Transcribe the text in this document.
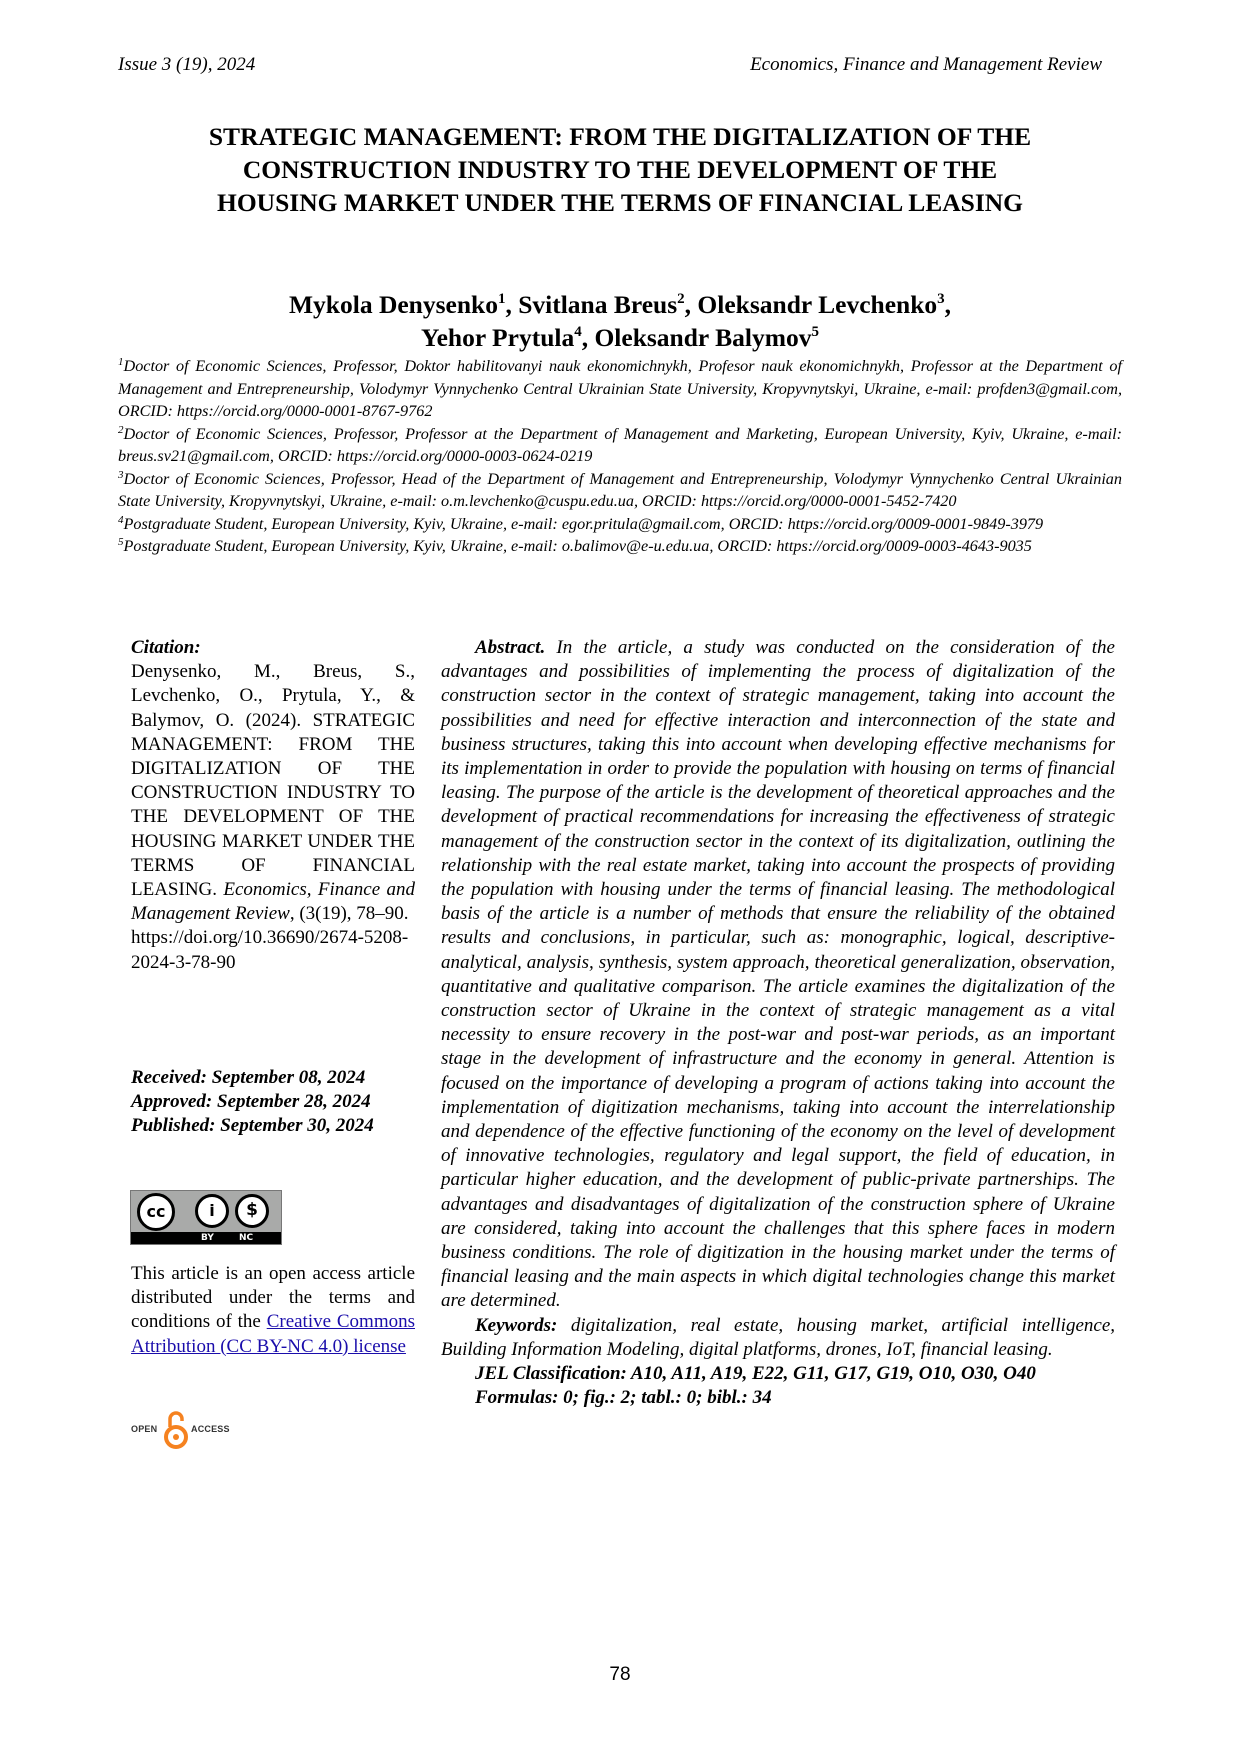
Issue 3 (19), 2024	Economics, Finance and Management Review
STRATEGIC MANAGEMENT: FROM THE DIGITALIZATION OF THE
CONSTRUCTION INDUSTRY TO THE DEVELOPMENT OF THE
HOUSING MARKET UNDER THE TERMS OF FINANCIAL LEASING
Mykola Denysenko$^1$, Svitlana Breus$^2$, Oleksandr Levchenko$^3$,
Yehor Prytula$^4$, Oleksandr Balymov$^5$

$^1$Doctor of Economic Sciences, Professor, Doktor habilitovanyi nauk ekonomichnykh, Profesor nauk ekonomichnykh, Professor at the Department of Management and Entrepreneurship, Volodymyr Vynnychenko Central Ukrainian State University, Kropyvnytskyi, Ukraine, e-mail: profden3@gmail.com, ORCID: https://orcid.org/0000-0001-8767-9762

$^2$Doctor of Economic Sciences, Professor, Professor at the Department of Management and Marketing, European University, Kyiv, Ukraine, e-mail: breus.sv21@gmail.com, ORCID: https://orcid.org/0000-0003-0624-0219

$^3$Doctor of Economic Sciences, Professor, Head of the Department of Management and Entrepreneurship, Volodymyr Vynnychenko Central Ukrainian State University, Kropyvnytskyi, Ukraine, e-mail: o.m.levchenko@cuspu.edu.ua, ORCID: https://orcid.org/0000-0001-5452-7420

$^4$Postgraduate Student, European University, Kyiv, Ukraine, e-mail: egor.pritula@gmail.com, ORCID: https://orcid.org/0009-0001-9849-3979

$^5$Postgraduate Student, European University, Kyiv, Ukraine, e-mail: o.balimov@e-u.edu.ua, ORCID: https://orcid.org/0009-0003-4643-9035

Citation:

Denysenko, M., Breus, S., Levchenko, O., Prytula, Y., & Balymov, O. (2024). STRATEGIC MANAGEMENT: FROM THE DIGITALIZATION OF THE CONSTRUCTION INDUSTRY TO THE DEVELOPMENT OF THE HOUSING MARKET UNDER THE TERMS OF FINANCIAL LEASING. Economics, Finance and Management Review, (3(19), 78–90.

https://doi.org/10.36690/2674-5208-2024-3-78-90

Received: September 08, 2024

Approved: September 28, 2024

Published: September 30, 2024

cc	i	$
BY	NC

This article is an open access article distributed under the terms and conditions of the Creative Commons Attribution (CC BY-NC 4.0) license

OPEN	ACCESS

Abstract. In the article, a study was conducted on the consideration of the advantages and possibilities of implementing the process of digitalization of the construction sector in the context of strategic management, taking into account the possibilities and need for effective interaction and interconnection of the state and business structures, taking this into account when developing effective mechanisms for its implementation in order to provide the population with housing on terms of financial leasing. The purpose of the article is the development of theoretical approaches and the development of practical recommendations for increasing the effectiveness of strategic management of the construction sector in the context of its digitalization, outlining the relationship with the real estate market, taking into account the prospects of providing the population with housing under the terms of financial leasing. The methodological basis of the article is a number of methods that ensure the reliability of the obtained results and conclusions, in particular, such as: monographic, logical, descriptive-analytical, analysis, synthesis, system approach, theoretical generalization, observation, quantitative and qualitative comparison. The article examines the digitalization of the construction sector of Ukraine in the context of strategic management as a vital necessity to ensure recovery in the post-war and post-war periods, as an important stage in the development of infrastructure and the economy in general. Attention is focused on the importance of developing a program of actions taking into account the implementation of digitization mechanisms, taking into account the interrelationship and dependence of the effective functioning of the economy on the level of development of innovative technologies, regulatory and legal support, the field of education, in particular higher education, and the development of public-private partnerships. The advantages and disadvantages of digitalization of the construction sphere of Ukraine are considered, taking into account the challenges that this sphere faces in modern business conditions. The role of digitization in the housing market under the terms of financial leasing and the main aspects in which digital technologies change this market are determined.

Keywords: digitalization, real estate, housing market, artificial intelligence, Building Information Modeling, digital platforms, drones, IoT, financial leasing.

JEL Classification: A10, A11, A19, E22, G11, G17, G19, O10, O30, O40

Formulas: 0; fig.: 2; tabl.: 0; bibl.: 34

78
